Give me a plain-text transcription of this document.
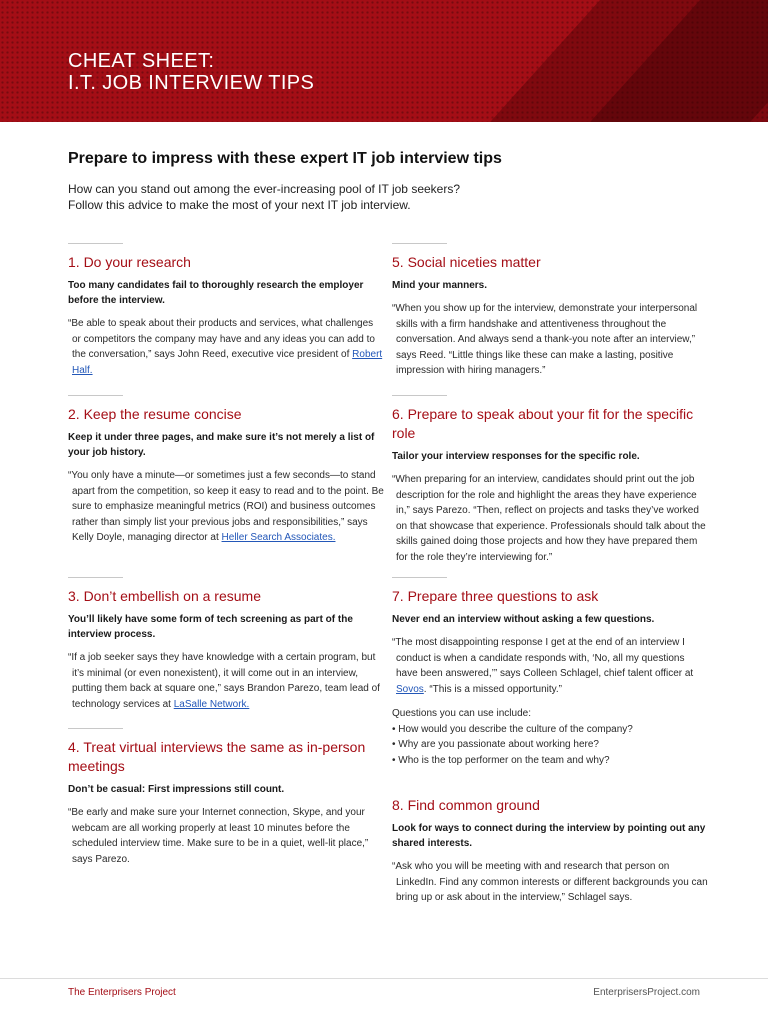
CHEAT SHEET:
I.T. JOB INTERVIEW TIPS
Prepare to impress with these expert IT job interview tips

How can you stand out among the ever-increasing pool of IT job seekers?

Follow this advice to make the most of your next IT job interview.

1. Do your research

Too many candidates fail to thoroughly research the employer before the interview.

“Be able to speak about their products and services, what challenges or competitors the company may have and any ideas you can add to the conversation,” says John Reed, executive vice president of Robert Half.

2. Keep the resume concise

Keep it under three pages, and make sure it’s not merely a list of your job history.

“You only have a minute—or sometimes just a few seconds—to stand apart from the competition, so keep it easy to read and to the point. Be sure to emphasize meaningful metrics (ROI) and business outcomes rather than simply list your previous jobs and responsibilities,” says Kelly Doyle, managing director at Heller Search Associates.

3. Don’t embellish on a resume

You’ll likely have some form of tech screening as part of the interview process.

“If a job seeker says they have knowledge with a certain program, but it’s minimal (or even nonexistent), it will come out in an interview, putting them back at square one,” says Brandon Parezo, team lead of technology services at LaSalle Network.

4. Treat virtual interviews the same as in-person meetings

Don’t be casual: First impressions still count.

“Be early and make sure your Internet connection, Skype, and your webcam are all working properly at least 10 minutes before the scheduled interview time. Make sure to be in a quiet, well-lit place,” says Parezo.

5. Social niceties matter

Mind your manners.

“When you show up for the interview, demonstrate your interpersonal skills with a firm handshake and attentiveness throughout the conversation. And always send a thank-you note after an interview,” says Reed. “Little things like these can make a lasting, positive impression with hiring managers.”

6. Prepare to speak about your fit for the specific role

Tailor your interview responses for the specific role.

“When preparing for an interview, candidates should print out the job description for the role and highlight the areas they have experience in,” says Parezo. “Then, reflect on projects and tasks they’ve worked on that showcase that experience. Professionals should talk about the skills gained doing those projects and how they have prepared them for the role they’re interviewing for.”

7. Prepare three questions to ask

Never end an interview without asking a few questions.

“The most disappointing response I get at the end of an interview I conduct is when a candidate responds with, ‘No, all my questions have been answered,’” says Colleen Schlagel, chief talent officer at Sovos. “This is a missed opportunity.”

Questions you can use include:
• How would you describe the culture of the company?
• Why are you passionate about working here?
• Who is the top performer on the team and why?
8. Find common ground

Look for ways to connect during the interview by pointing out any shared interests.

“Ask who you will be meeting with and research that person on LinkedIn. Find any common interests or different backgrounds you can bring up or ask about in the interview,” Schlagel says.

The Enterprisers Project	EnterprisersProject.com
